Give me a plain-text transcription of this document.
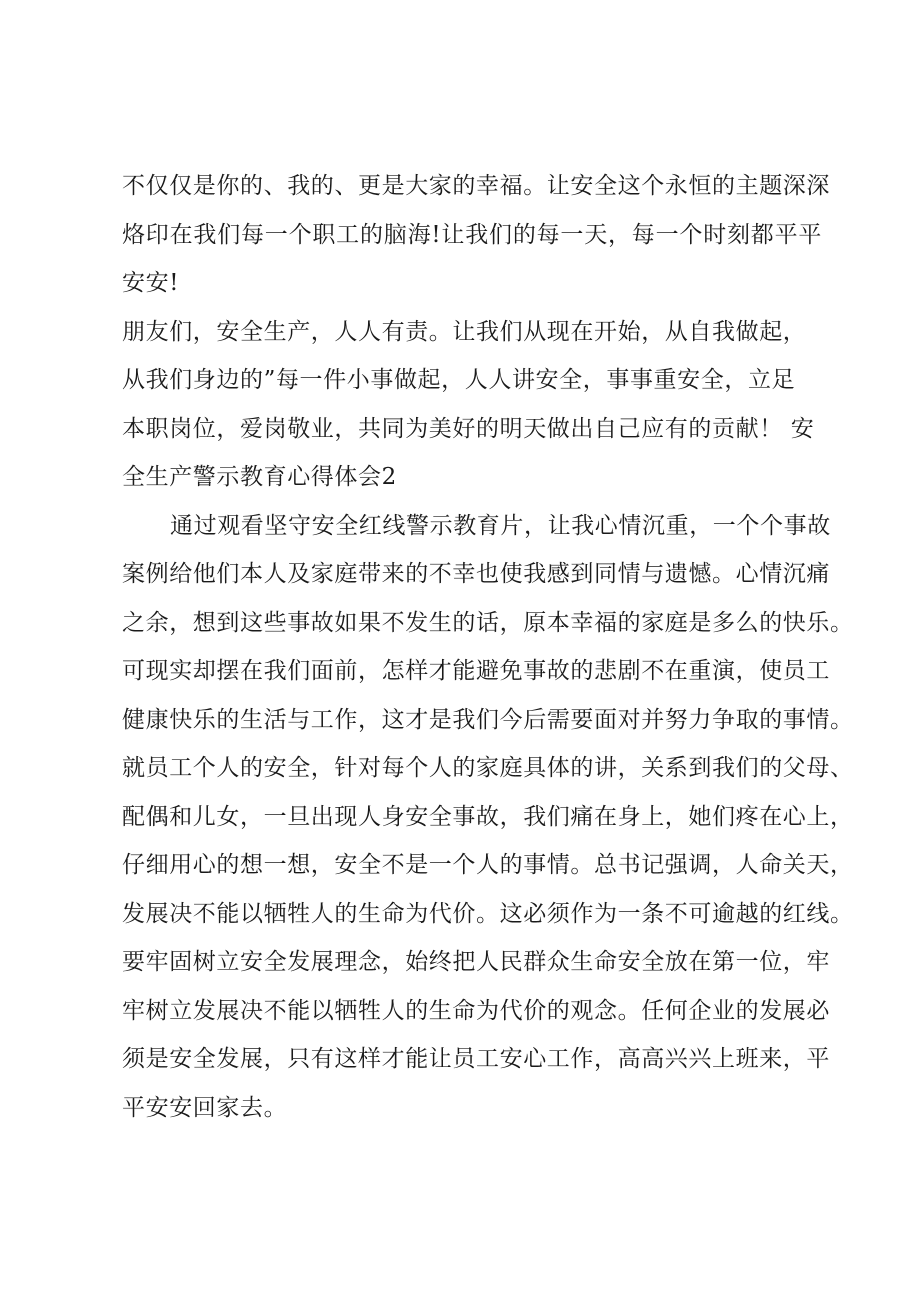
不仅仅是你的、我的、更是大家的幸福。让安全这个永恒的主题深深

烙印在我们每一个职工的脑海!让我们的每一天，每一个时刻都平平

安安!

朋友们，安全生产，人人有责。让我们从现在开始，从自我做起，

从我们身边的”每一件小事做起，人人讲安全，事事重安全，立足

本职岗位，爱岗敬业，共同为美好的明天做出自己应有的贡献！ 安

全生产警示教育心得体会2

通过观看坚守安全红线警示教育片，让我心情沉重，一个个事故

案例给他们本人及家庭带来的不幸也使我感到同情与遗憾。心情沉痛

之余，想到这些事故如果不发生的话，原本幸福的家庭是多么的快乐。

可现实却摆在我们面前，怎样才能避免事故的悲剧不在重演，使员工

健康快乐的生活与工作，这才是我们今后需要面对并努力争取的事情。

就员工个人的安全，针对每个人的家庭具体的讲，关系到我们的父母、

配偶和儿女，一旦出现人身安全事故，我们痛在身上，她们疼在心上，

仔细用心的想一想，安全不是一个人的事情。总书记强调，人命关天，

发展决不能以牺牲人的生命为代价。这必须作为一条不可逾越的红线。

要牢固树立安全发展理念，始终把人民群众生命安全放在第一位，牢

牢树立发展决不能以牺牲人的生命为代价的观念。任何企业的发展必

须是安全发展，只有这样才能让员工安心工作，高高兴兴上班来，平

平安安回家去。
